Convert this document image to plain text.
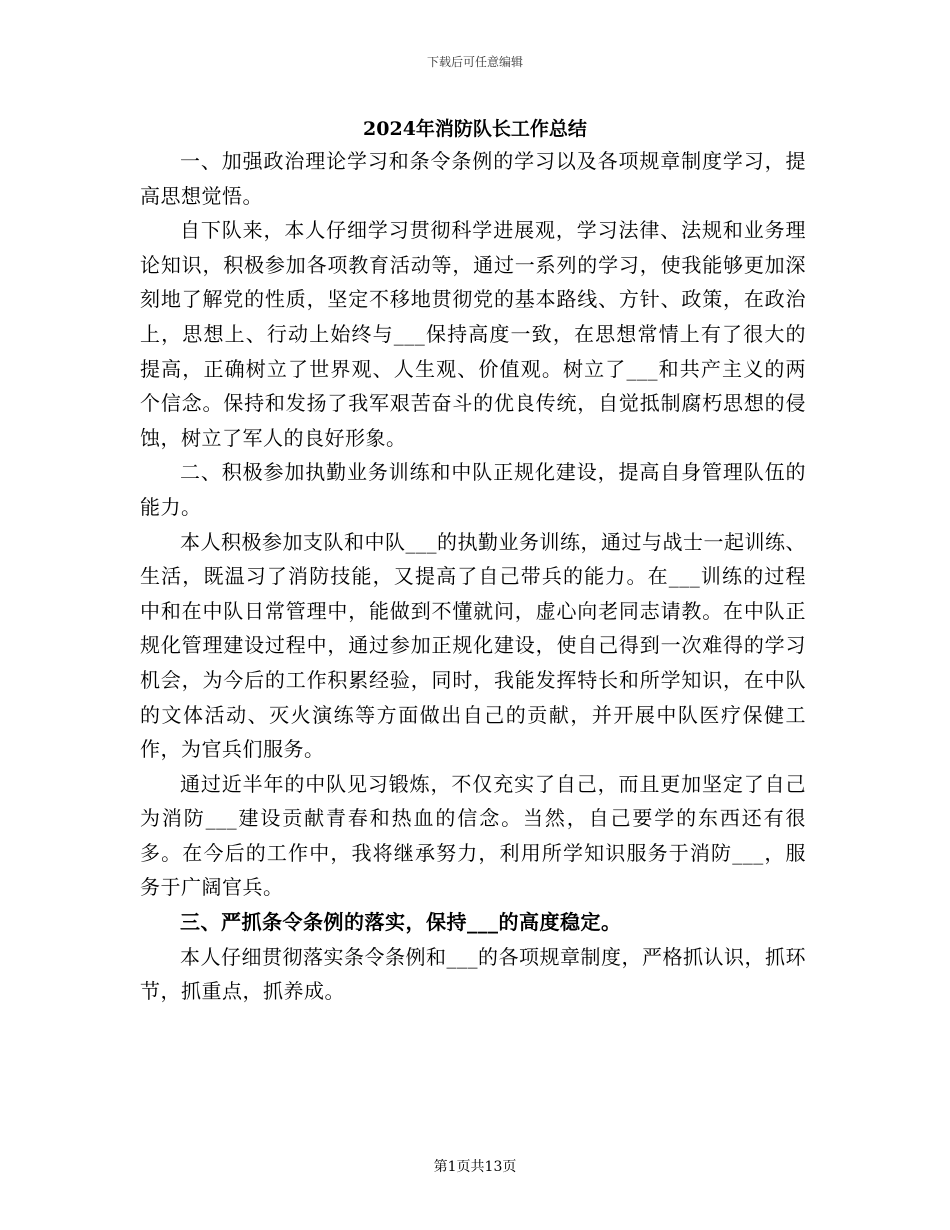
下载后可任意编辑
2024年消防队长工作总结

一、加强政治理论学习和条令条例的学习以及各项规章制度学习，提高思想觉悟。

自下队来，本人仔细学习贯彻科学进展观，学习法律、法规和业务理论知识，积极参加各项教育活动等，通过一系列的学习，使我能够更加深刻地了解党的性质，坚定不移地贯彻党的基本路线、方针、政策，在政治上，思想上、行动上始终与___保持高度一致，在思想常情上有了很大的提高，正确树立了世界观、人生观、价值观。树立了___和共产主义的两个信念。保持和发扬了我军艰苦奋斗的优良传统，自觉抵制腐朽思想的侵蚀，树立了军人的良好形象。

二、积极参加执勤业务训练和中队正规化建设，提高自身管理队伍的能力。

本人积极参加支队和中队___的执勤业务训练，通过与战士一起训练、生活，既温习了消防技能，又提高了自己带兵的能力。在___训练的过程中和在中队日常管理中，能做到不懂就问，虚心向老同志请教。在中队正规化管理建设过程中，通过参加正规化建设，使自己得到一次难得的学习机会，为今后的工作积累经验，同时，我能发挥特长和所学知识，在中队的文体活动、灭火演练等方面做出自己的贡献，并开展中队医疗保健工作，为官兵们服务。

通过近半年的中队见习锻炼，不仅充实了自己，而且更加坚定了自己为消防___建设贡献青春和热血的信念。当然，自己要学的东西还有很多。在今后的工作中，我将继承努力，利用所学知识服务于消防___，服务于广阔官兵。

三、严抓条令条例的落实，保持___的高度稳定。

本人仔细贯彻落实条令条例和___的各项规章制度，严格抓认识，抓环节，抓重点，抓养成。

第1页共13页
